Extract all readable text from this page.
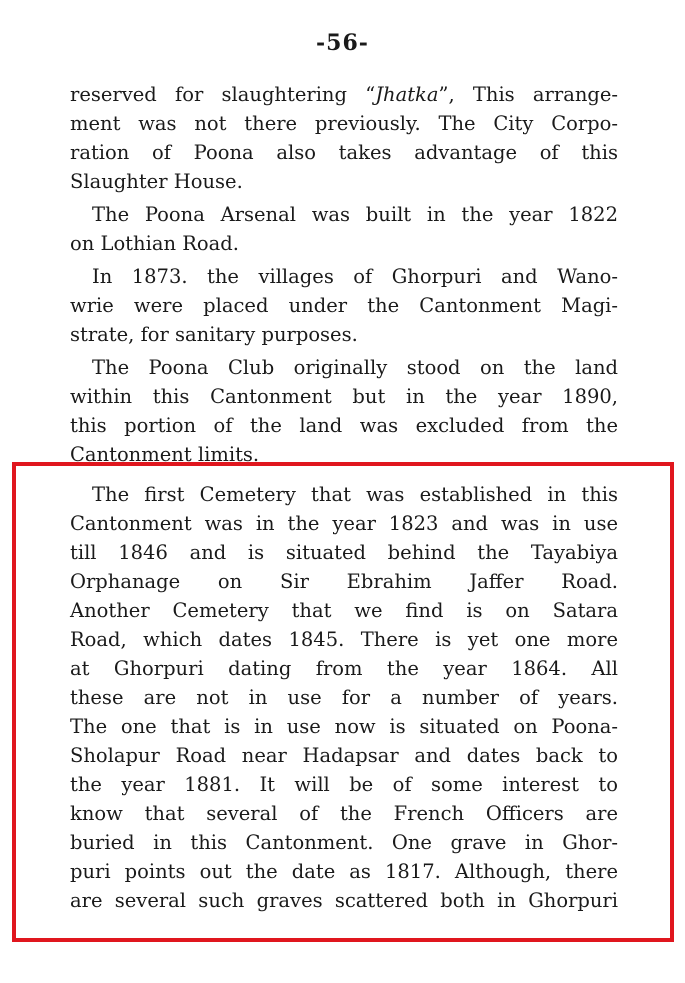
-56-
reserved for slaughtering “Jhatka”, This arrange-
ment was not there previously. The City Corpo-
ration of Poona also takes advantage of this
Slaughter House.
The Poona Arsenal was built in the year 1822
on Lothian Road.
In 1873. the villages of Ghorpuri and Wano-
wrie were placed under the Cantonment Magi-
strate, for sanitary purposes.
The Poona Club originally stood on the land
within this Cantonment but in the year 1890,
this portion of the land was excluded from the
Cantonment limits.
The first Cemetery that was established in this
Cantonment was in the year 1823 and was in use
till 1846 and is situated behind the Tayabiya
Orphanage on Sir Ebrahim Jaffer Road.
Another Cemetery that we find is on Satara
Road, which dates 1845. There is yet one more
at Ghorpuri dating from the year 1864. All
these are not in use for a number of years.
The one that is in use now is situated on Poona-
Sholapur Road near Hadapsar and dates back to
the year 1881. It will be of some interest to
know that several of the French Officers are
buried in this Cantonment. One grave in Ghor-
puri points out the date as 1817. Although, there
are several such graves scattered both in Ghorpuri
